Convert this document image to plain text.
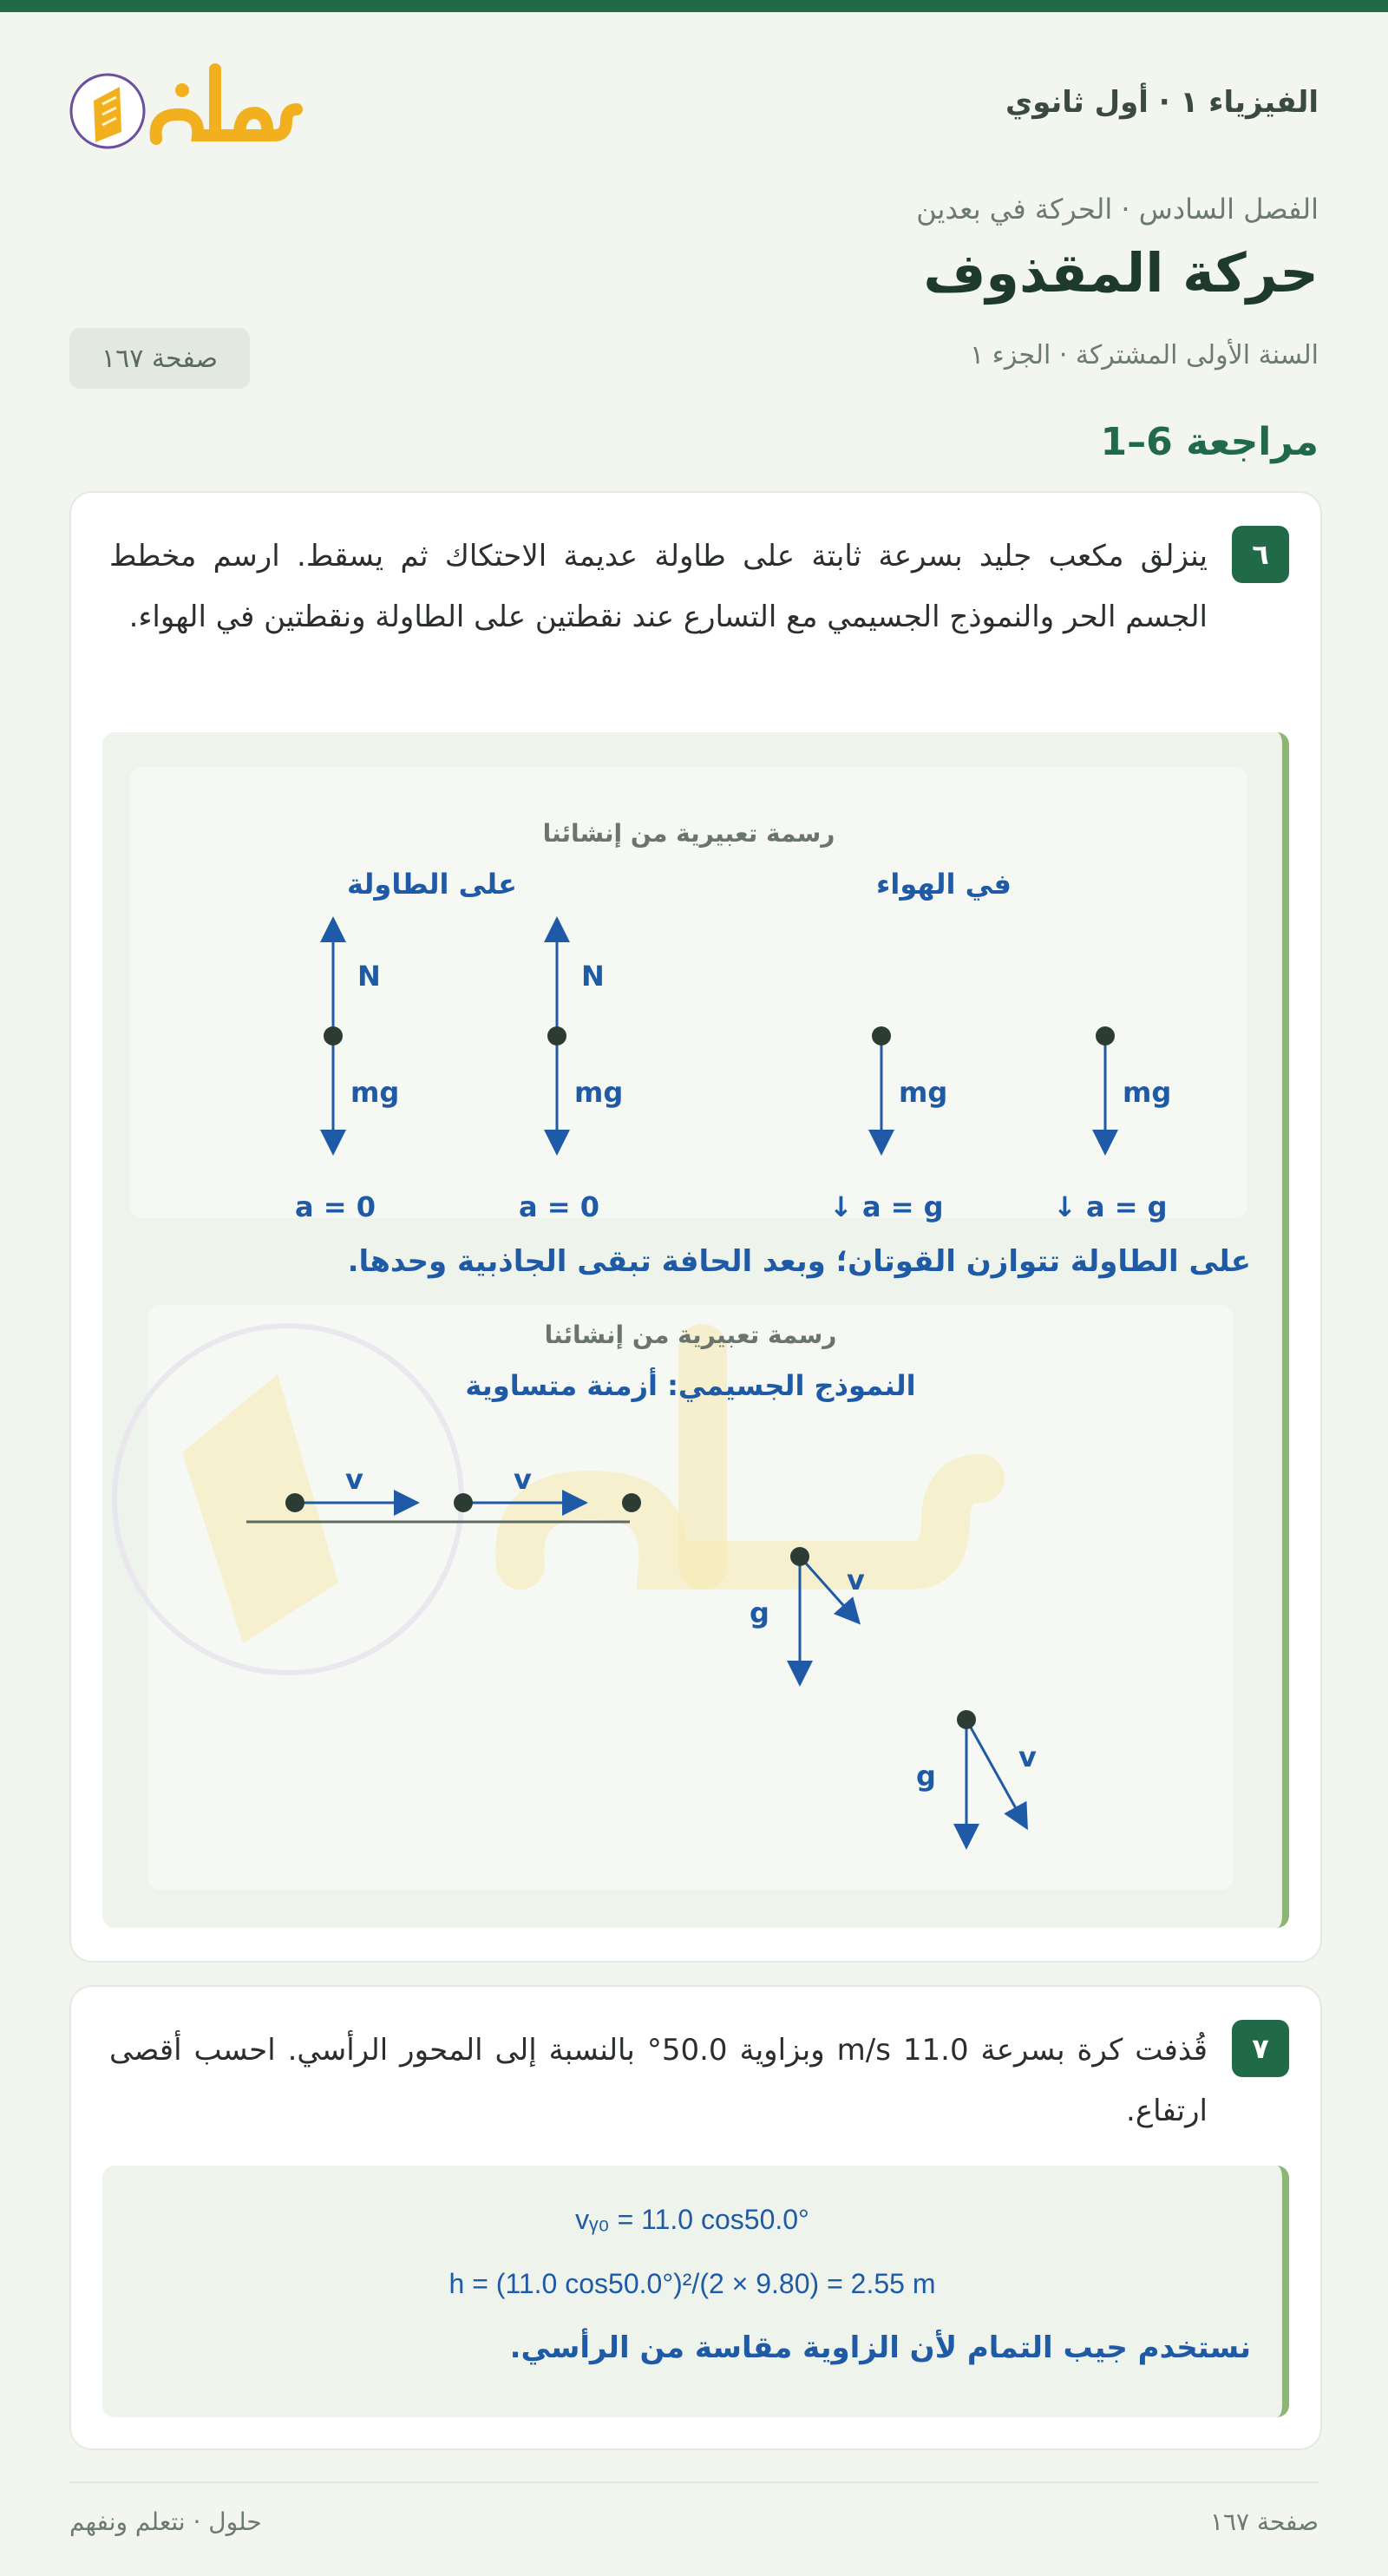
الفيزياء ١ · أول ثانوي
الفصل السادس · الحركة في بعدين
حركة المقذوف
السنة الأولى المشتركة · الجزء ١
صفحة ١٦٧
مراجعة 6–1
٦
ينزلق مكعب جليد بسرعة ثابتة على طاولة عديمة الاحتكاك ثم يسقط. ارسم مخطط الجسم الحر والنموذج الجسيمي مع التسارع عند نقطتين على الطاولة ونقطتين في الهواء.
رسمة تعبيرية من إنشائنا
على الطاولة	في الهواء
N	N
mg	mg	mg	mg
a = 0	a = 0	↓ a = g	↓ a = g
على الطاولة تتوازن القوتان؛ وبعد الحافة تبقى الجاذبية وحدها.
رسمة تعبيرية من إنشائنا
النموذج الجسيمي: أزمنة متساوية
v	v
v
v
g
g
٧
قُذفت كرة بسرعة 11.0 m/s وبزاوية 50.0° بالنسبة إلى المحور الرأسي. احسب أقصى ارتفاع.
vᵧ₀ = 11.0 cos50.0°
h = (11.0 cos50.0°)²/(2 × 9.80) = 2.55 m
نستخدم جيب التمام لأن الزاوية مقاسة من الرأسي.
حلول · نتعلم ونفهم	صفحة ١٦٧
